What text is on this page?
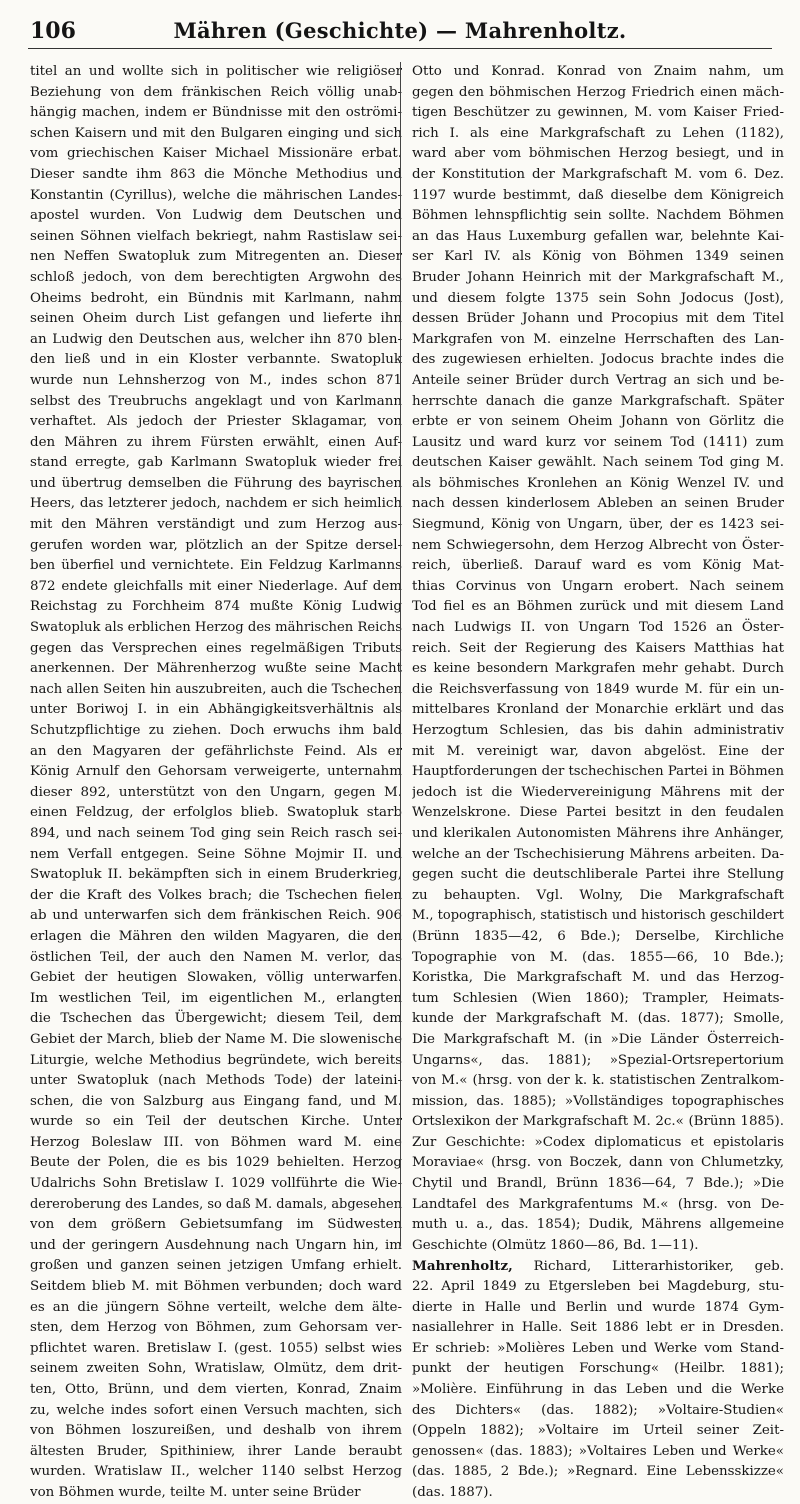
106	Mähren (Geschichte) — Mahrenholtz.
titel an und wollte sich in politischer wie religiöser
Beziehung von dem fränkischen Reich völlig unab-
hängig machen, indem er Bündnisse mit den oströmi-
schen Kaisern und mit den Bulgaren einging und sich
vom griechischen Kaiser Michael Missionäre erbat.
Dieser sandte ihm 863 die Mönche Methodius und
Konstantin (Cyrillus), welche die mährischen Landes-
apostel wurden. Von Ludwig dem Deutschen und
seinen Söhnen vielfach bekriegt, nahm Rastislaw sei-
nen Neffen Swatopluk zum Mitregenten an. Dieser
schloß jedoch, von dem berechtigten Argwohn des
Oheims bedroht, ein Bündnis mit Karlmann, nahm
seinen Oheim durch List gefangen und lieferte ihn
an Ludwig den Deutschen aus, welcher ihn 870 blen-
den ließ und in ein Kloster verbannte. Swatopluk
wurde nun Lehnsherzog von M., indes schon 871
selbst des Treubruchs angeklagt und von Karlmann
verhaftet. Als jedoch der Priester Sklagamar, von
den Mähren zu ihrem Fürsten erwählt, einen Auf-
stand erregte, gab Karlmann Swatopluk wieder frei
und übertrug demselben die Führung des bayrischen
Heers, das letzterer jedoch, nachdem er sich heimlich
mit den Mähren verständigt und zum Herzog aus-
gerufen worden war, plötzlich an der Spitze dersel-
ben überfiel und vernichtete. Ein Feldzug Karlmanns
872 endete gleichfalls mit einer Niederlage. Auf dem
Reichstag zu Forchheim 874 mußte König Ludwig
Swatopluk als erblichen Herzog des mährischen Reichs
gegen das Versprechen eines regelmäßigen Tributs
anerkennen. Der Mährenherzog wußte seine Macht
nach allen Seiten hin auszubreiten, auch die Tschechen
unter Boriwoj I. in ein Abhängigkeitsverhältnis als
Schutzpflichtige zu ziehen. Doch erwuchs ihm bald
an den Magyaren der gefährlichste Feind. Als er
König Arnulf den Gehorsam verweigerte, unternahm
dieser 892, unterstützt von den Ungarn, gegen M.
einen Feldzug, der erfolglos blieb. Swatopluk starb
894, und nach seinem Tod ging sein Reich rasch sei-
nem Verfall entgegen. Seine Söhne Mojmir II. und
Swatopluk II. bekämpften sich in einem Bruderkrieg,
der die Kraft des Volkes brach; die Tschechen fielen
ab und unterwarfen sich dem fränkischen Reich. 906
erlagen die Mähren den wilden Magyaren, die den
östlichen Teil, der auch den Namen M. verlor, das
Gebiet der heutigen Slowaken, völlig unterwarfen.
Im westlichen Teil, im eigentlichen M., erlangten
die Tschechen das Übergewicht; diesem Teil, dem
Gebiet der March, blieb der Name M. Die slowenische
Liturgie, welche Methodius begründete, wich bereits
unter Swatopluk (nach Methods Tode) der lateini-
schen, die von Salzburg aus Eingang fand, und M.
wurde so ein Teil der deutschen Kirche. Unter
Herzog Boleslaw III. von Böhmen ward M. eine
Beute der Polen, die es bis 1029 behielten. Herzog
Udalrichs Sohn Bretislaw I. 1029 vollführte die Wie-
dereroberung des Landes, so daß M. damals, abgesehen
von dem größern Gebietsumfang im Südwesten
und der geringern Ausdehnung nach Ungarn hin, im
großen und ganzen seinen jetzigen Umfang erhielt.
Seitdem blieb M. mit Böhmen verbunden; doch ward
es an die jüngern Söhne verteilt, welche dem älte-
sten, dem Herzog von Böhmen, zum Gehorsam ver-
pflichtet waren. Bretislaw I. (gest. 1055) selbst wies
seinem zweiten Sohn, Wratislaw, Olmütz, dem drit-
ten, Otto, Brünn, und dem vierten, Konrad, Znaim
zu, welche indes sofort einen Versuch machten, sich
von Böhmen loszureißen, und deshalb von ihrem
ältesten Bruder, Spithiniew, ihrer Lande beraubt
wurden. Wratislaw II., welcher 1140 selbst Herzog
von Böhmen wurde, teilte M. unter seine Brüder
Otto und Konrad. Konrad von Znaim nahm, um
gegen den böhmischen Herzog Friedrich einen mäch-
tigen Beschützer zu gewinnen, M. vom Kaiser Fried-
rich I. als eine Markgrafschaft zu Lehen (1182),
ward aber vom böhmischen Herzog besiegt, und in
der Konstitution der Markgrafschaft M. vom 6. Dez.
1197 wurde bestimmt, daß dieselbe dem Königreich
Böhmen lehnspflichtig sein sollte. Nachdem Böhmen
an das Haus Luxemburg gefallen war, belehnte Kai-
ser Karl IV. als König von Böhmen 1349 seinen
Bruder Johann Heinrich mit der Markgrafschaft M.,
und diesem folgte 1375 sein Sohn Jodocus (Jost),
dessen Brüder Johann und Procopius mit dem Titel
Markgrafen von M. einzelne Herrschaften des Lan-
des zugewiesen erhielten. Jodocus brachte indes die
Anteile seiner Brüder durch Vertrag an sich und be-
herrschte danach die ganze Markgrafschaft. Später
erbte er von seinem Oheim Johann von Görlitz die
Lausitz und ward kurz vor seinem Tod (1411) zum
deutschen Kaiser gewählt. Nach seinem Tod ging M.
als böhmisches Kronlehen an König Wenzel IV. und
nach dessen kinderlosem Ableben an seinen Bruder
Siegmund, König von Ungarn, über, der es 1423 sei-
nem Schwiegersohn, dem Herzog Albrecht von Öster-
reich, überließ. Darauf ward es vom König Mat-
thias Corvinus von Ungarn erobert. Nach seinem
Tod fiel es an Böhmen zurück und mit diesem Land
nach Ludwigs II. von Ungarn Tod 1526 an Öster-
reich. Seit der Regierung des Kaisers Matthias hat
es keine besondern Markgrafen mehr gehabt. Durch
die Reichsverfassung von 1849 wurde M. für ein un-
mittelbares Kronland der Monarchie erklärt und das
Herzogtum Schlesien, das bis dahin administrativ
mit M. vereinigt war, davon abgelöst. Eine der
Hauptforderungen der tschechischen Partei in Böhmen
jedoch ist die Wiedervereinigung Mährens mit der
Wenzelskrone. Diese Partei besitzt in den feudalen
und klerikalen Autonomisten Mährens ihre Anhänger,
welche an der Tschechisierung Mährens arbeiten. Da-
gegen sucht die deutschliberale Partei ihre Stellung
zu behaupten. Vgl. Wolny, Die Markgrafschaft
M., topographisch, statistisch und historisch geschildert
(Brünn 1835—42, 6 Bde.); Derselbe, Kirchliche
Topographie von M. (das. 1855—66, 10 Bde.);
Koristka, Die Markgrafschaft M. und das Herzog-
tum Schlesien (Wien 1860); Trampler, Heimats-
kunde der Markgrafschaft M. (das. 1877); Smolle,
Die Markgrafschaft M. (in »Die Länder Österreich-
Ungarns«, das. 1881); »Spezial-Ortsrepertorium
von M.« (hrsg. von der k. k. statistischen Zentralkom-
mission, das. 1885); »Vollständiges topographisches
Ortslexikon der Markgrafschaft M. 2c.« (Brünn 1885).
Zur Geschichte: »Codex diplomaticus et epistolaris
Moraviae« (hrsg. von Boczek, dann von Chlumetzky,
Chytil und Brandl, Brünn 1836—64, 7 Bde.); »Die
Landtafel des Markgrafentums M.« (hrsg. von De-
muth u. a., das. 1854); Dudik, Mährens allgemeine
Geschichte (Olmütz 1860—86, Bd. 1—11).
Mahrenholtz, Richard, Litterarhistoriker, geb.
22. April 1849 zu Etgersleben bei Magdeburg, stu-
dierte in Halle und Berlin und wurde 1874 Gym-
nasiallehrer in Halle. Seit 1886 lebt er in Dresden.
Er schrieb: »Molières Leben und Werke vom Stand-
punkt der heutigen Forschung« (Heilbr. 1881);
»Molière. Einführung in das Leben und die Werke
des Dichters« (das. 1882); »Voltaire-Studien«
(Oppeln 1882); »Voltaire im Urteil seiner Zeit-
genossen« (das. 1883); »Voltaires Leben und Werke«
(das. 1885, 2 Bde.); »Regnard. Eine Lebensskizze«
(das. 1887).
